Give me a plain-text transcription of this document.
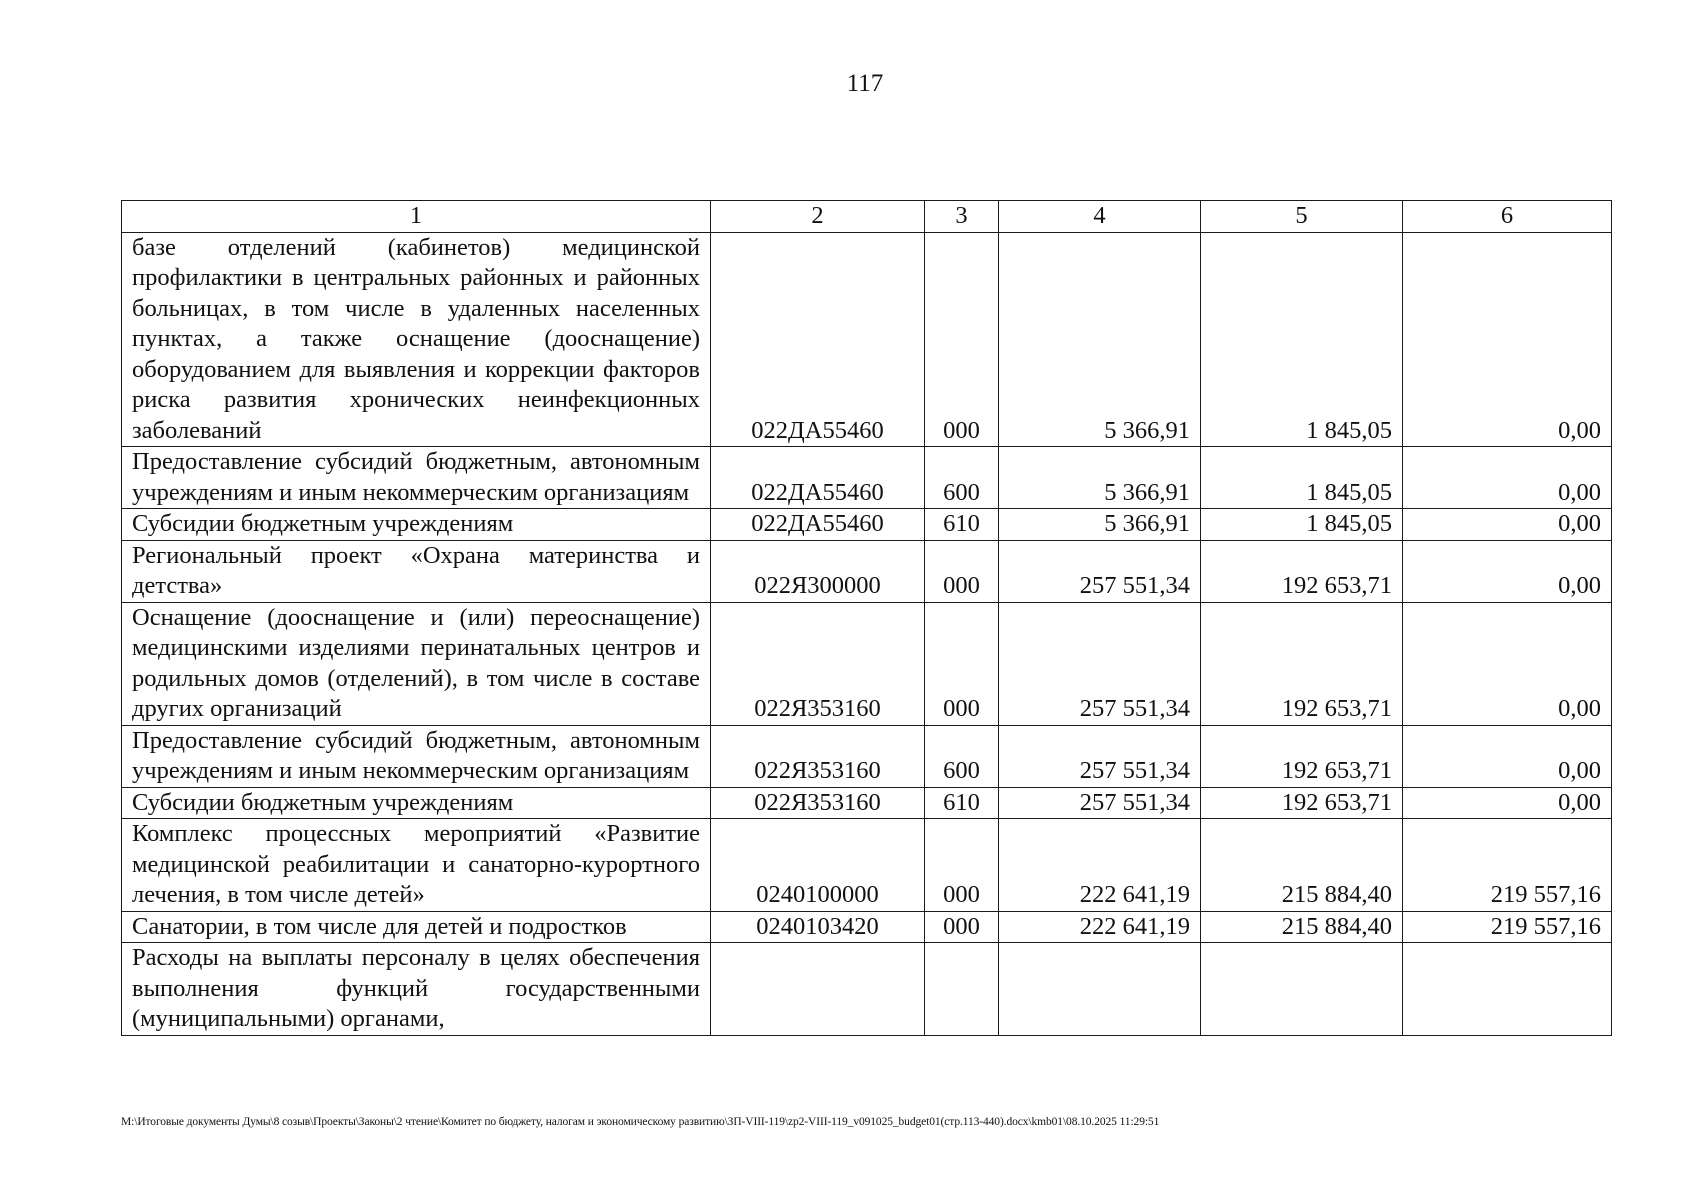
117
1	2	3	4	5	6
базе отделений (кабинетов) медицинской профилактики в центральных районных и районных больницах, в том числе в удаленных населенных пунктах, а также оснащение (дооснащение) оборудованием для выявления и коррекции факторов риска развития хронических неинфекционных заболеваний	022ДА55460	000	5 366,91	1 845,05	0,00
Предоставление субсидий бюджетным, автономным учреждениям и иным некоммерческим организациям	022ДА55460	600	5 366,91	1 845,05	0,00
Субсидии бюджетным учреждениям	022ДА55460	610	5 366,91	1 845,05	0,00
Региональный проект «Охрана материнства и детства»	022Я300000	000	257 551,34	192 653,71	0,00
Оснащение (дооснащение и (или) переоснащение) медицинскими изделиями перинатальных центров и родильных домов (отделений), в том числе в составе других организаций	022Я353160	000	257 551,34	192 653,71	0,00
Предоставление субсидий бюджетным, автономным учреждениям и иным некоммерческим организациям	022Я353160	600	257 551,34	192 653,71	0,00
Субсидии бюджетным учреждениям	022Я353160	610	257 551,34	192 653,71	0,00
Комплекс процессных мероприятий «Развитие медицинской реабилитации и санаторно-курортного лечения, в том числе детей»	0240100000	000	222 641,19	215 884,40	219 557,16
Санатории, в том числе для детей и подростков	0240103420	000	222 641,19	215 884,40	219 557,16
Расходы на выплаты персоналу в целях обеспечения выполнения функций государственными (муниципальными) органами,					
M:\Итоговые документы Думы\8 созыв\Проекты\Законы\2 чтение\Комитет по бюджету, налогам и экономическому развитию\ЗП-VIII-119\zp2-VIII-119_v091025_budget01(стр.113-440).docx\kmb01\08.10.2025 11:29:51
